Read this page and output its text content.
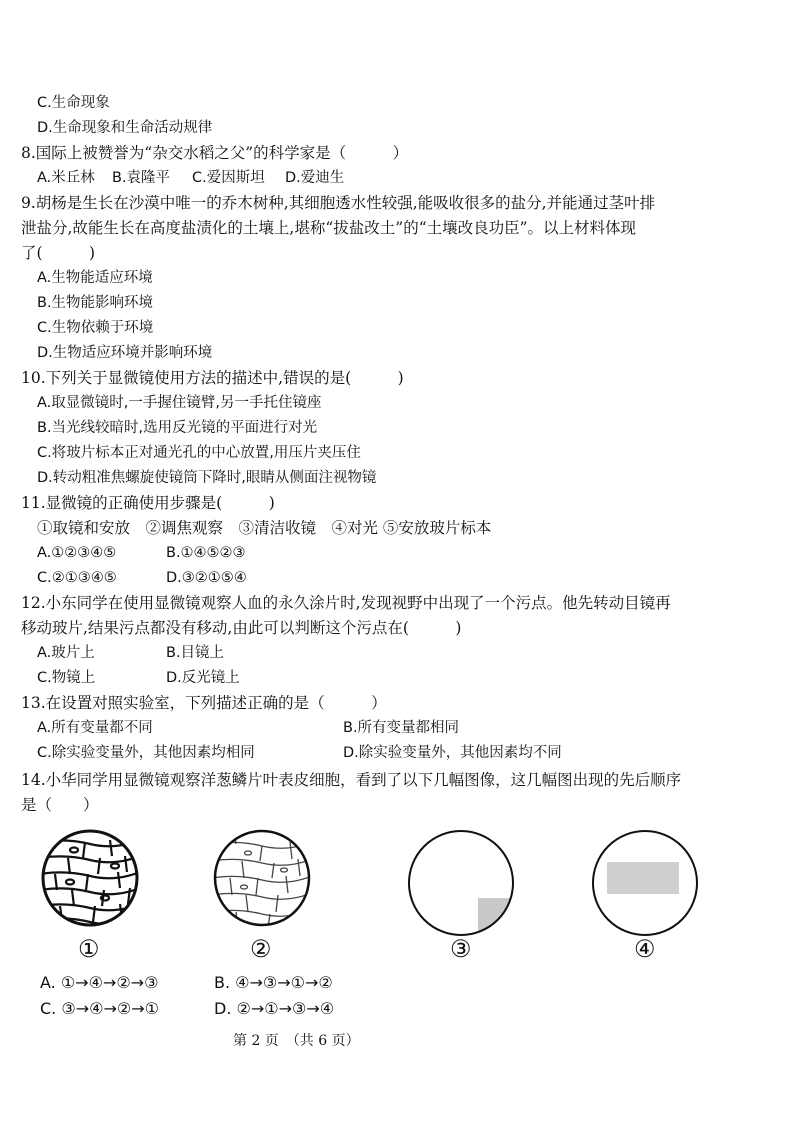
C.生命现象
D.生命现象和生命活动规律
8.国际上被赞誉为“杂交水稻之父”的科学家是（　　　）
A.米丘林 B.袁隆平 C.爱因斯坦 D.爱迪生
9.胡杨是生长在沙漠中唯一的乔木树种,其细胞透水性较强,能吸收很多的盐分,并能通过茎叶排
泄盐分,故能生长在高度盐渍化的土壤上,堪称“拔盐改土”的“土壤改良功臣”。以上材料体现
了(　　　)
A.生物能适应环境
B.生物能影响环境
C.生物依赖于环境
D.生物适应环境并影响环境
10.下列关于显微镜使用方法的描述中,错误的是(　　　)
A.取显微镜时,一手握住镜臂,另一手托住镜座
B.当光线较暗时,选用反光镜的平面进行对光
C.将玻片标本正对通光孔的中心放置,用压片夹压住
D.转动粗准焦螺旋使镜筒下降时,眼睛从侧面注视物镜
11.显微镜的正确使用步骤是(　　　)
①取镜和安放　②调焦观察　③清洁收镜　④对光 ⑤安放玻片标本
A.①②③④⑤	B.①④⑤②③
C.②①③④⑤	D.③②①⑤④
12.小东同学在使用显微镜观察人血的永久涂片时,发现视野中出现了一个污点。他先转动目镜再
移动玻片,结果污点都没有移动,由此可以判断这个污点在(　　　)
A.玻片上	B.目镜上
C.物镜上	D.反光镜上
13.在设置对照实验室，下列描述正确的是（　　　）
A.所有变量都不同	B.所有变量都相同
C.除实验变量外，其他因素均相同	D.除实验变量外，其他因素均不同
14.小华同学用显微镜观察洋葱鳞片叶表皮细胞，看到了以下几幅图像，这几幅图出现的先后顺序
是（　　）
①	②	③	④
A. ①→④→②→③	B. ④→③→①→②
C. ③→④→②→①	D. ②→①→③→④
第 2 页　（共 6 页）
